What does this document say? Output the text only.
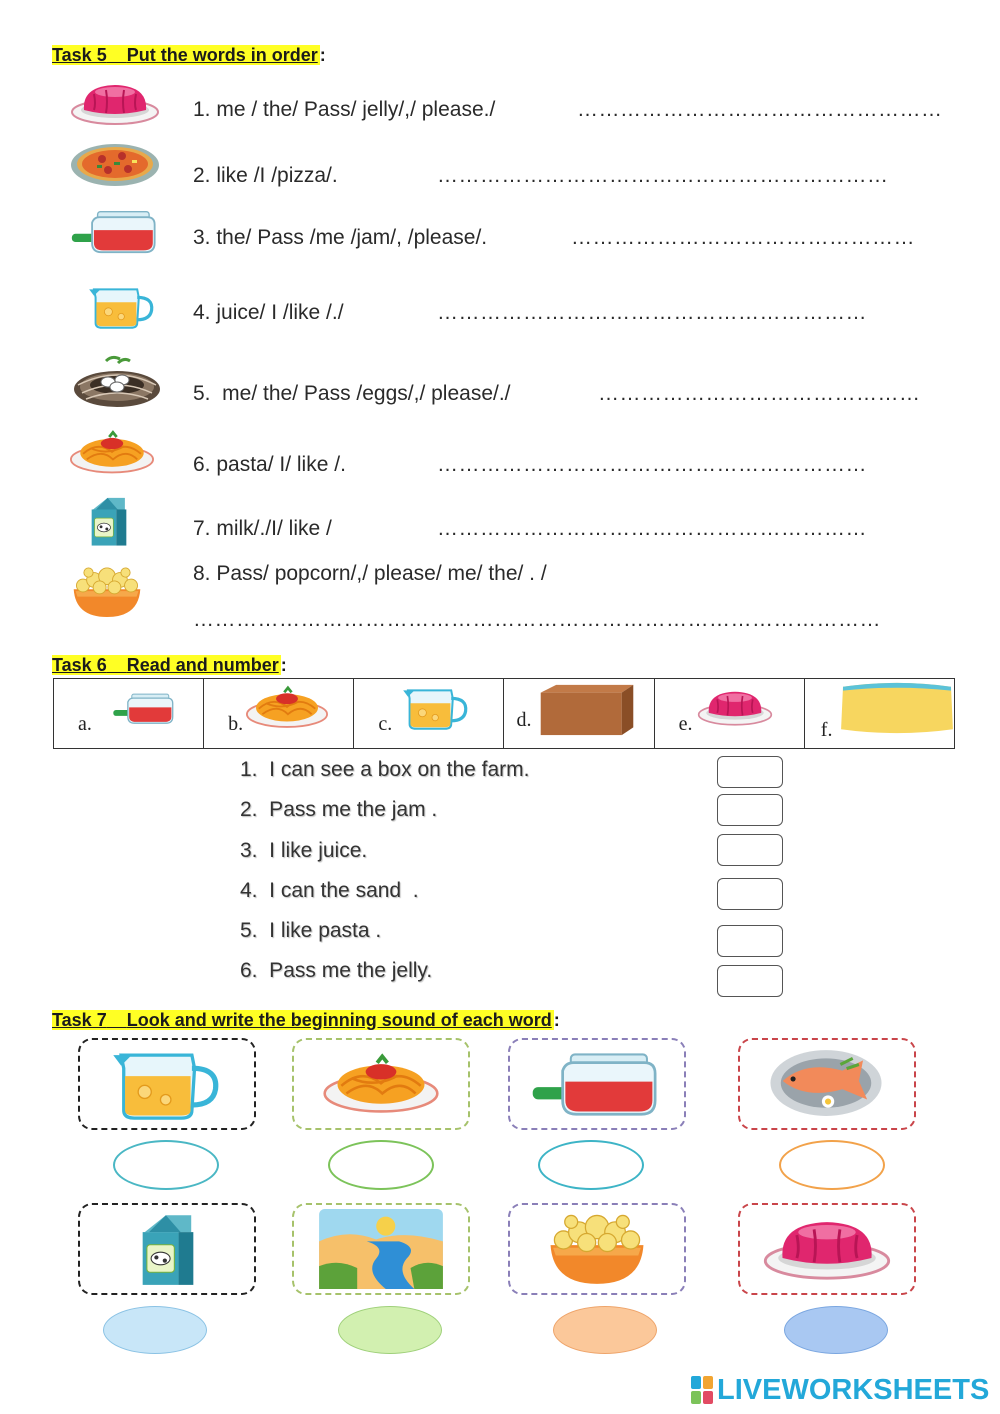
Task 5 Put the words in order :
1. me / the/ Pass/ jelly/,/ please./	……………………………………………
2. like /I /pizza/.	………………………………………………………
3. the/ Pass /me /jam/, /please/.	…………………………………………
4. juice/ I /like /./	……………………………………………………
5.  me/ the/ Pass /eggs/,/ please/./	………………………………………
6. pasta/ I/ like /.	……………………………………………………
7. milk/./I/ like /	……………………………………………………
8. Pass/ popcorn/,/ please/ me/ the/ . /
……………………………………………………………………………………
Task 6 Read and number :
a.	b.	c.	d.	e.	f.
1.  I can see a box on the farm.
2.  Pass me the jam .
3.  I like juice.
4.  I can the sand  .
5.  I like pasta .
6.  Pass me the jelly.
Task 7 Look and write the beginning sound of each word :
LIVEWORKSHEETS
